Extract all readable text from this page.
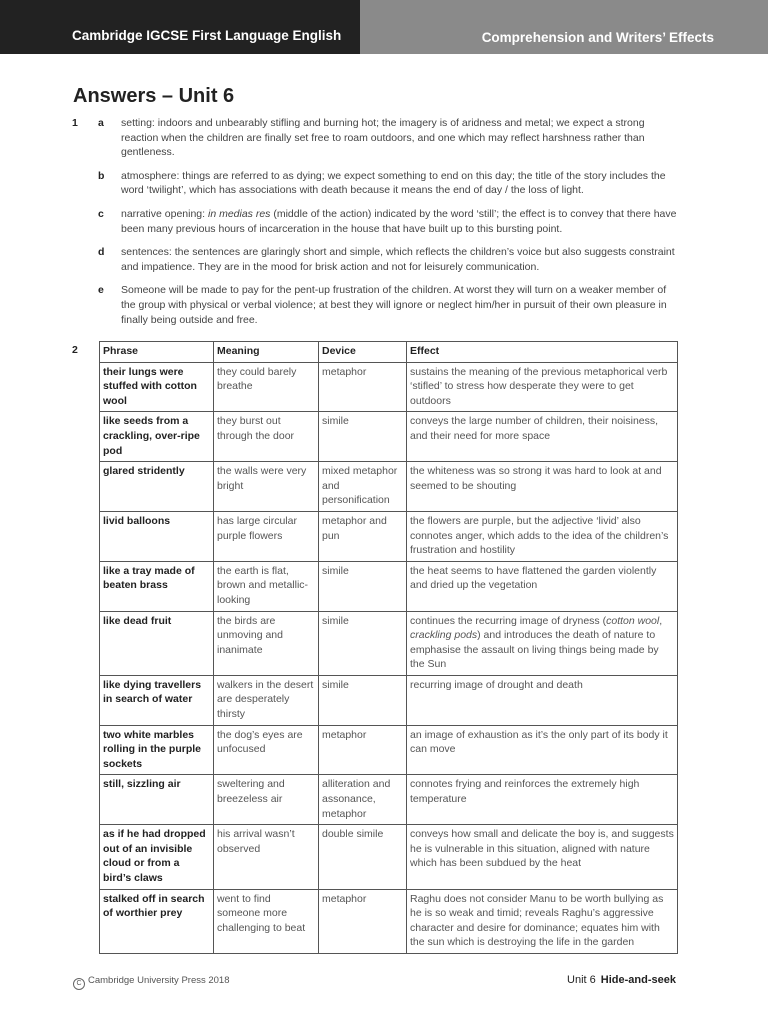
Cambridge IGCSE First Language English	Comprehension and Writers’ Effects
Answers – Unit 6
1 a setting: indoors and unbearably stifling and burning hot; the imagery is of aridness and metal; we expect a strong reaction when the children are finally set free to roam outdoors, and one which may reflect harshness rather than gentleness.
b atmosphere: things are referred to as dying; we expect something to end on this day; the title of the story includes the word ‘twilight’, which has associations with death because it means the end of day / the loss of light.
c narrative opening: in medias res (middle of the action) indicated by the word ‘still’; the effect is to convey that there have been many previous hours of incarceration in the house that have built up to this bursting point.
d sentences: the sentences are glaringly short and simple, which reflects the children’s voice but also suggests constraint and impatience. They are in the mood for brisk action and not for leisurely communication.
e Someone will be made to pay for the pent-up frustration of the children. At worst they will turn on a weaker member of the group with physical or verbal violence; at best they will ignore or neglect him/her in pursuit of their own pleasure in finally being outside and free.
2 Phrase	Meaning	Device	Effect
their lungs were stuffed with cotton wool	they could barely breathe	metaphor	sustains the meaning of the previous metaphorical verb ‘stifled’ to stress how desperate they were to get outdoors
like seeds from a crackling, over-ripe pod	they burst out through the door	simile	conveys the large number of children, their noisiness, and their need for more space
glared stridently	the walls were very bright	mixed metaphor and personification	the whiteness was so strong it was hard to look at and seemed to be shouting
livid balloons	has large circular purple flowers	metaphor and pun	the flowers are purple, but the adjective ‘livid’ also connotes anger, which adds to the idea of the children’s frustration and hostility
like a tray made of beaten brass	the earth is flat, brown and metallic-looking	simile	the heat seems to have flattened the garden violently and dried up the vegetation
like dead fruit	the birds are unmoving and inanimate	simile	continues the recurring image of dryness (cotton wool, crackling pods) and introduces the death of nature to emphasise the assault on living things being made by the Sun
like dying travellers in search of water	walkers in the desert are desperately thirsty	simile	recurring image of drought and death
two white marbles rolling in the purple sockets	the dog’s eyes are unfocused	metaphor	an image of exhaustion as it’s the only part of its body it can move
still, sizzling air	sweltering and breezeless air	alliteration and assonance, metaphor	connotes frying and reinforces the extremely high temperature
as if he had dropped out of an invisible cloud or from a bird’s claws	his arrival wasn’t observed	double simile	conveys how small and delicate the boy is, and suggests he is vulnerable in this situation, aligned with nature which has been subdued by the heat
stalked off in search of worthier prey	went to find someone more challenging to beat	metaphor	Raghu does not consider Manu to be worth bullying as he is so weak and timid; reveals Raghu’s aggressive character and desire for dominance; equates him with the sun which is destroying the life in the garden
C Cambridge University Press 2018	Unit 6 Hide-and-seek
